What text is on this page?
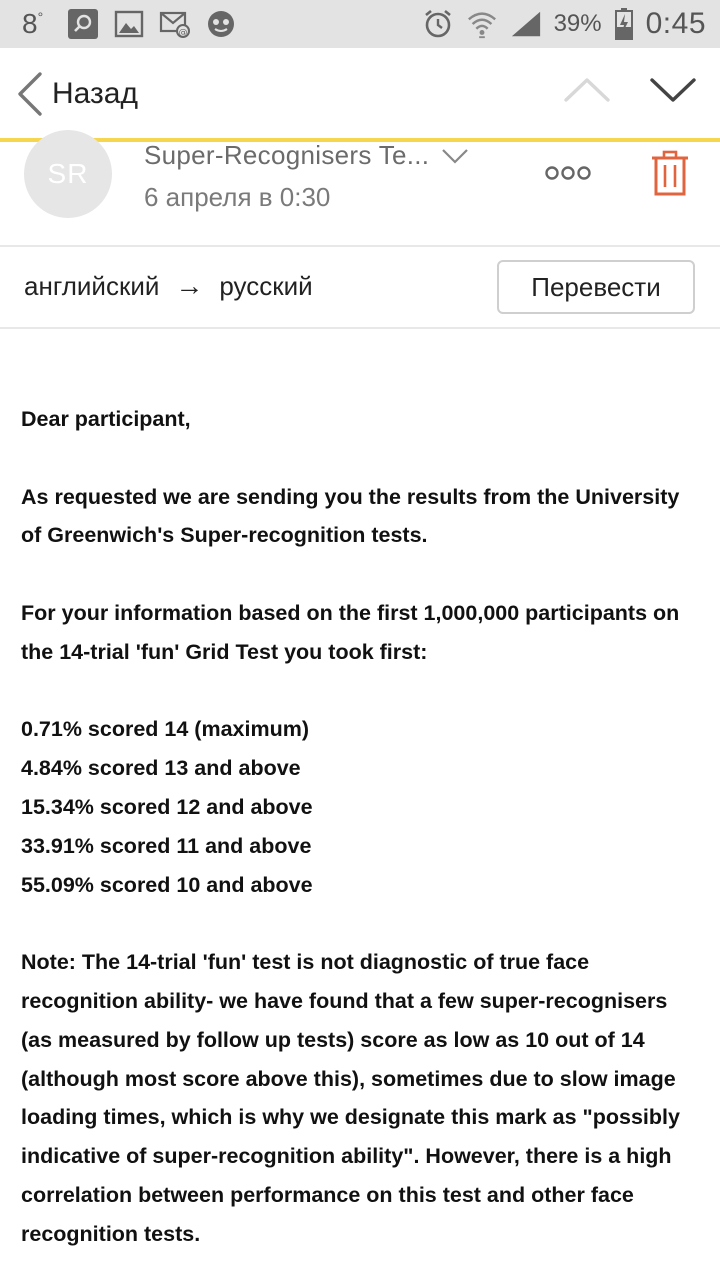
8°
@	39% 0:45
Назад
SR
Super-Recognisers Te...
6 апреля в 0:30
английский → русский	Перевести

Dear participant,

As requested we are sending you the results from the University of Greenwich's Super-recognition tests.

For your information based on the first 1,000,000 participants on the 14-trial 'fun' Grid Test you took first:

0.71% scored 14 (maximum)
4.84% scored 13 and above
15.34% scored 12 and above
33.91% scored 11 and above
55.09% scored 10 and above

Note: The 14-trial 'fun' test is not diagnostic of true face recognition ability- we have found that a few super-recognisers (as measured by follow up tests) score as low as 10 out of 14 (although most score above this), sometimes due to slow image loading times, which is why we designate this mark as "possibly indicative of super-recognition ability". However, there is a high correlation between performance on this test and other face recognition tests.
